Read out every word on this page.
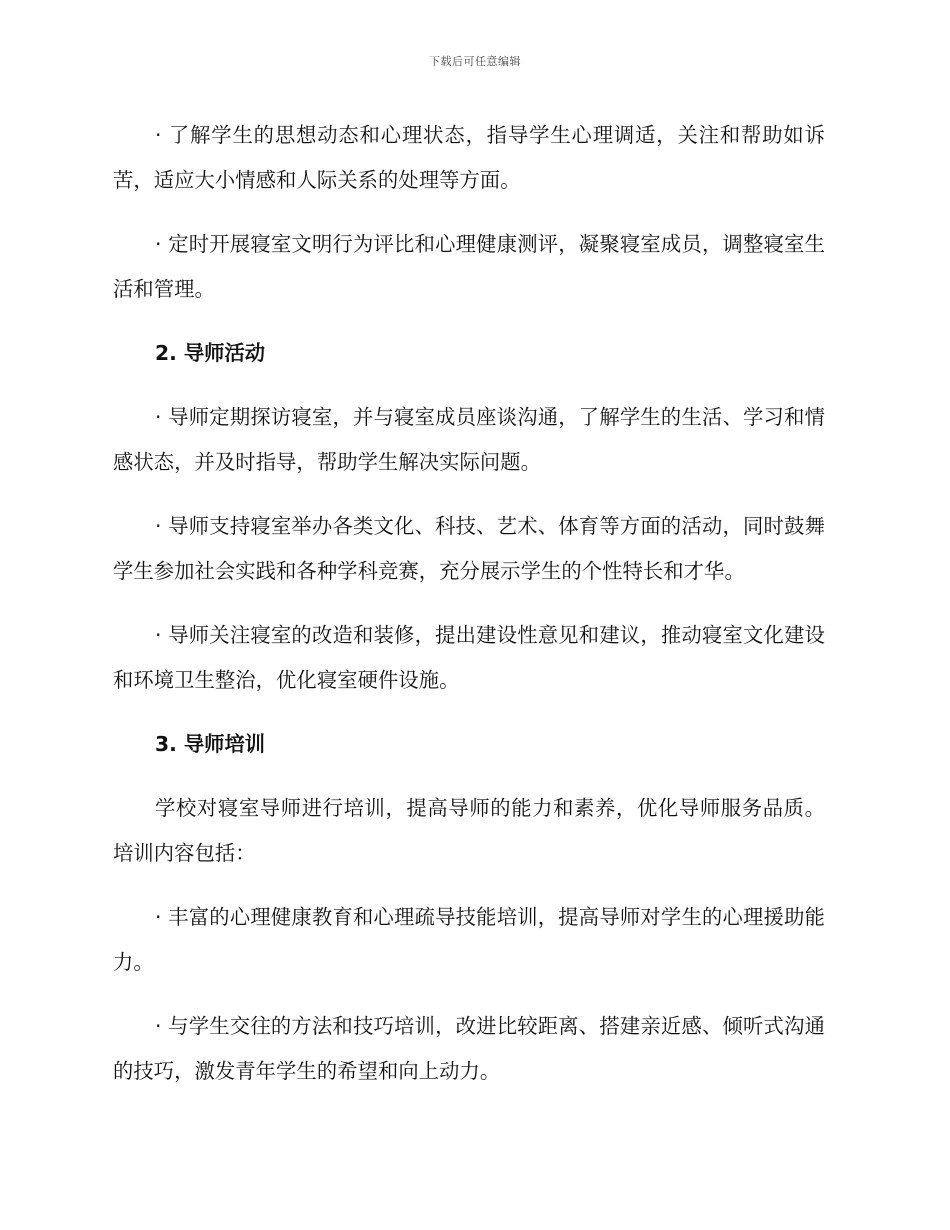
下载后可任意编辑

· 了解学生的思想动态和心理状态，指导学生心理调适，关注和帮助如诉苦，适应大小情感和人际关系的处理等方面。

· 定时开展寝室文明行为评比和心理健康测评，凝聚寝室成员，调整寝室生活和管理。

2. 导师活动

· 导师定期探访寝室，并与寝室成员座谈沟通，了解学生的生活、学习和情感状态，并及时指导，帮助学生解决实际问题。

· 导师支持寝室举办各类文化、科技、艺术、体育等方面的活动，同时鼓舞学生参加社会实践和各种学科竞赛，充分展示学生的个性特长和才华。

· 导师关注寝室的改造和装修，提出建设性意见和建议，推动寝室文化建设和环境卫生整治，优化寝室硬件设施。

3. 导师培训

学校对寝室导师进行培训，提高导师的能力和素养，优化导师服务品质。培训内容包括：

· 丰富的心理健康教育和心理疏导技能培训，提高导师对学生的心理援助能力。

· 与学生交往的方法和技巧培训，改进比较距离、搭建亲近感、倾听式沟通的技巧，激发青年学生的希望和向上动力。
